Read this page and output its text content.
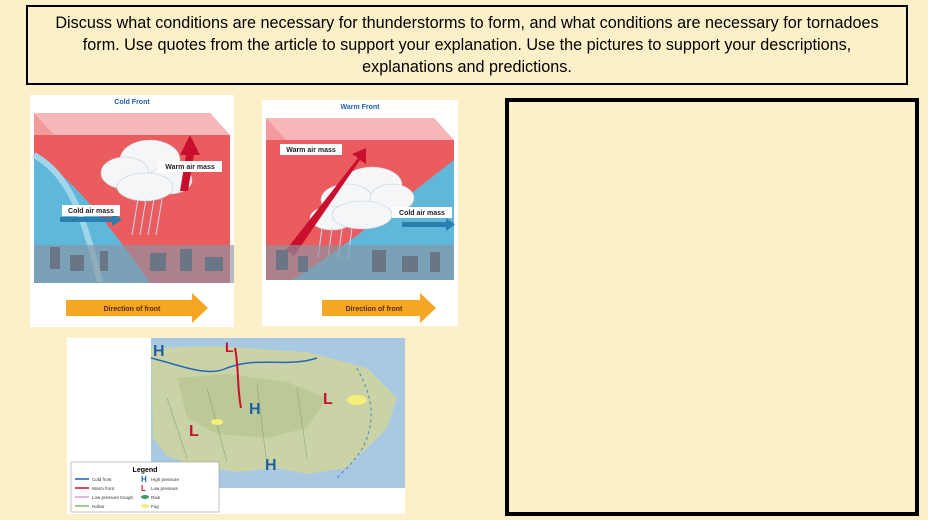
Discuss what conditions are necessary for thunderstorms to form, and what conditions are necessary for tornadoes form. Use quotes from the article to support your explanation. Use the pictures to support your descriptions, explanations and predictions.
Cold Front
Warm air mass
Cold air mass
Direction of front
Warm Front
Warm air mass
Cold air mass
Direction of front
H	L
L
H
L
H
Legend
Cold front	H High pressure
Warm front	L Low pressure
Low pressure trough	Rain
Isobar	Fog
